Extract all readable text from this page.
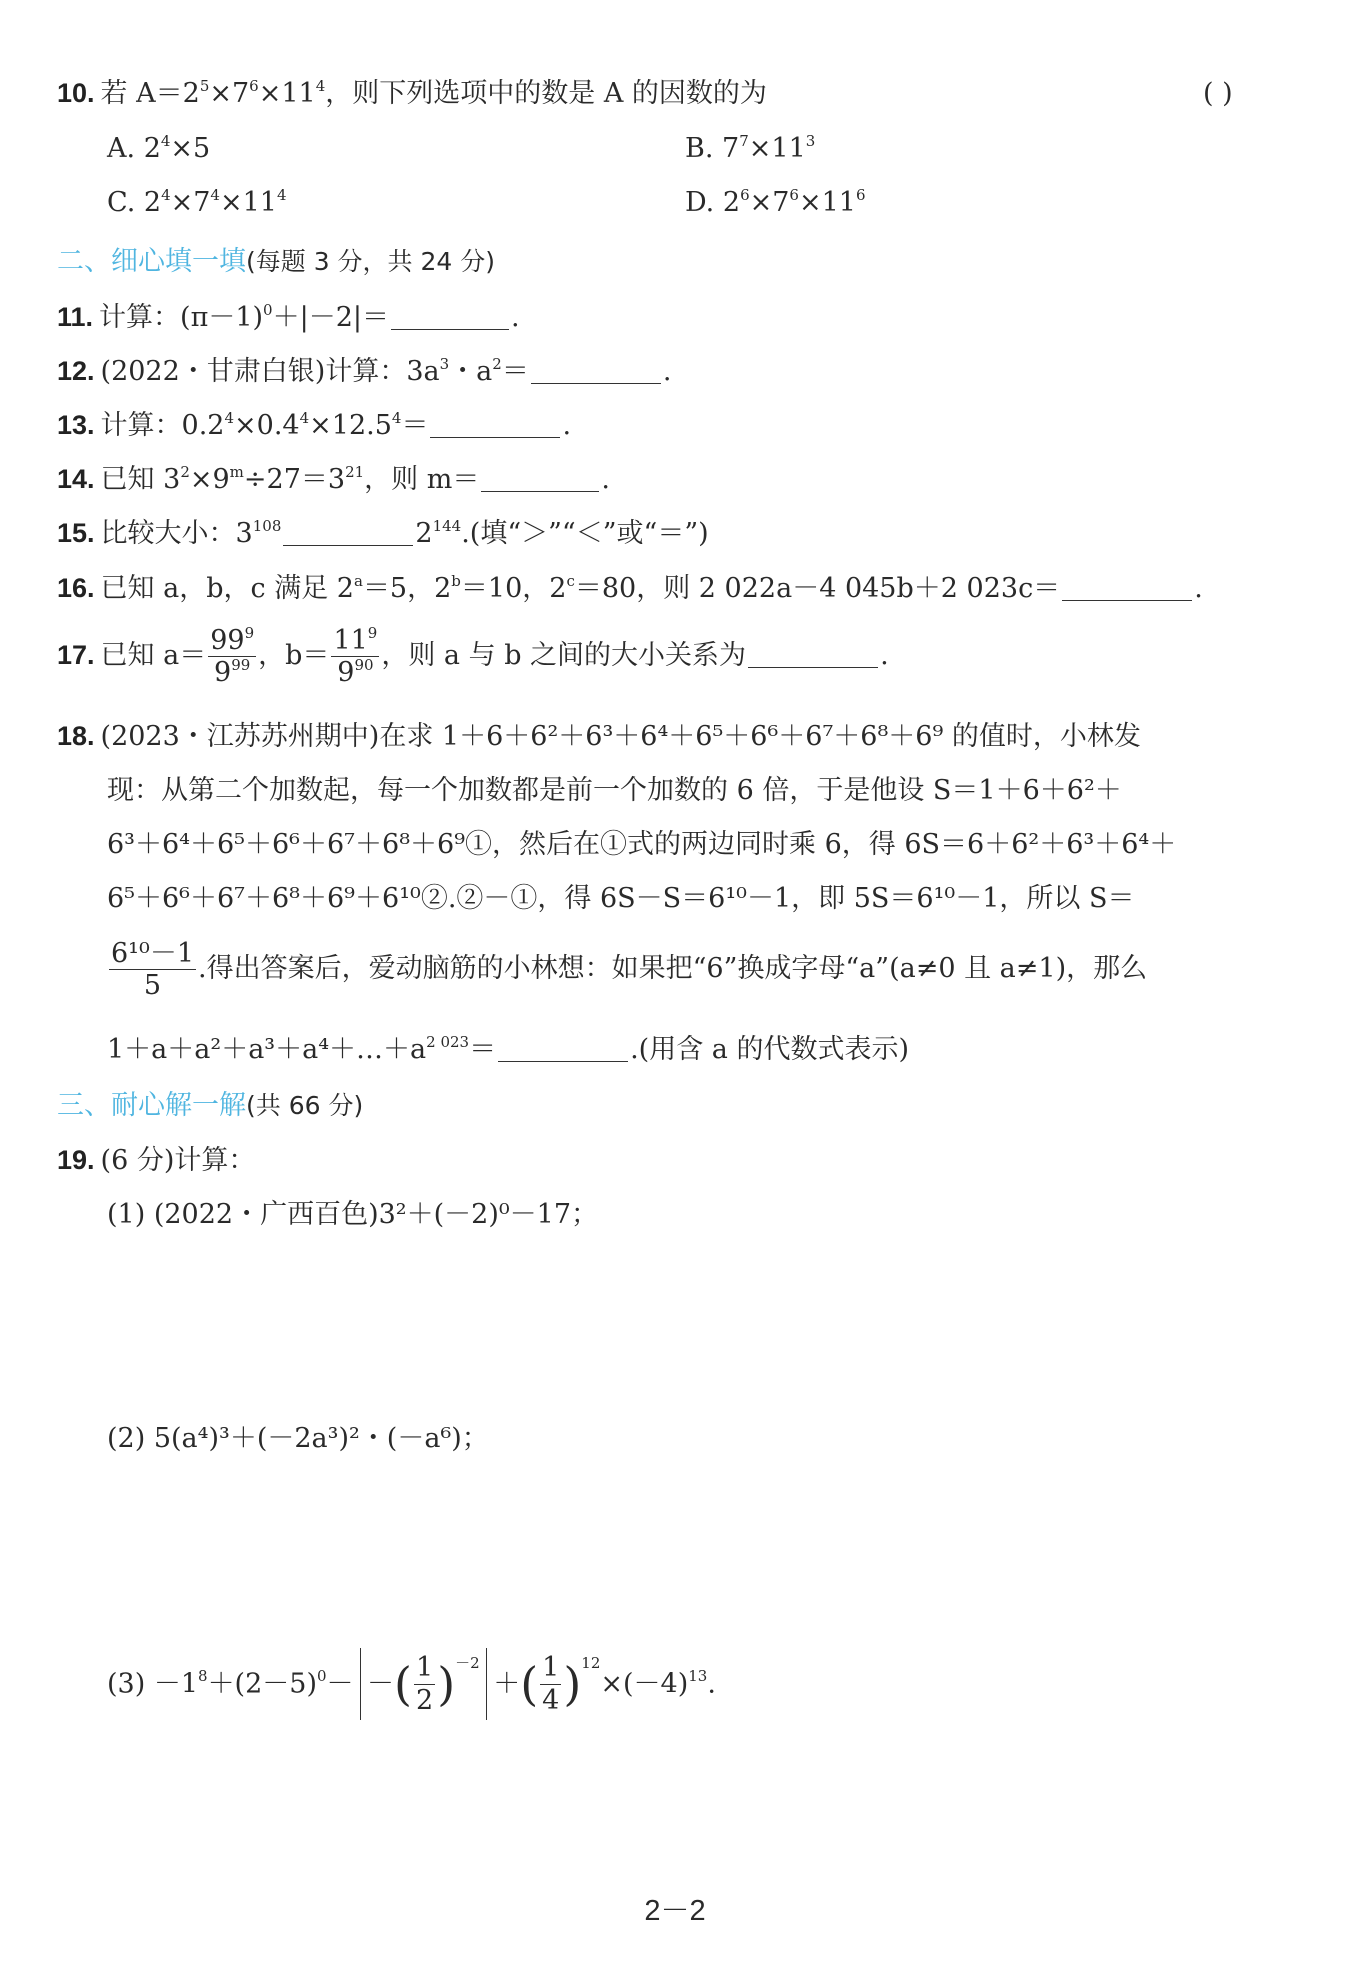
10. 若 $A=2^5\times 7^6\times 11^4$，则下列选项中的数是 A 的因数的为	( )
A. $2^4\times 5$	B. $7^7\times 11^3$
C. $2^4\times 7^4\times 11^4$	D. $2^6\times 7^6\times 11^6$
二、细心填一填(每题 3 分，共 24 分)
11. 计算：$(\pi-1)^0+|-2|=$	.
12. (2022・甘肃白银)计算：$3a^3$・$a^2=$	.
13. 计算：$0.2^4\times 0.4^4\times 12.5^4=$	.
14. 已知 $3^2\times 9^m\div 27=3^{21}$，则 m＝	.
15. 比较大小：$3^{108}$	$2^{144}$.(填“＞”“＜”或“＝”)
16. 已知 a，b，c 满足 $2^a=5$，$2^b=10$，$2^c=80$，则 2 022a－4 045b＋2 023c＝	.
17. 已知 $a= \frac{99^9}{9^{99}}$ ，$b= \frac{11^9}{9^{90}}$ ，则 a 与 b 之间的大小关系为	.
18. (2023・江苏苏州期中)在求 1＋6＋6²＋6³＋6⁴＋6⁵＋6⁶＋6⁷＋6⁸＋6⁹ 的值时，小林发
现：从第二个加数起，每一个加数都是前一个加数的 6 倍，于是他设 S＝1＋6＋6²＋
6³＋6⁴＋6⁵＋6⁶＋6⁷＋6⁸＋6⁹①，然后在①式的两边同时乘 6，得 6S＝6＋6²＋6³＋6⁴＋
6⁵＋6⁶＋6⁷＋6⁸＋6⁹＋6¹⁰②.②－①，得 6S－S＝6¹⁰－1，即 5S＝6¹⁰－1，所以 S＝
$\frac{\text{6¹⁰－1}}{5}$ .得出答案后，爱动脑筋的小林想：如果把“6”换成字母“a”(a≠0 且 a≠1)，那么
$1+a+a^2+a^3+a^4+\dots+a^{2 023}=$	.(用含 a 的代数式表示)
三、耐心解一解(共 66 分)
19. (6 分)计算：
(1) (2022・广西百色)3²＋(－2)⁰－17；
(2) 5(a⁴)³＋(－2a³)²・(－a⁶)；
$(3) -1^8+(2-5)^0-$ －( $\frac{1}{2} )^{-2}+( \frac{1}{4} )^{12}\times(-4)^{13}$.
2－2
